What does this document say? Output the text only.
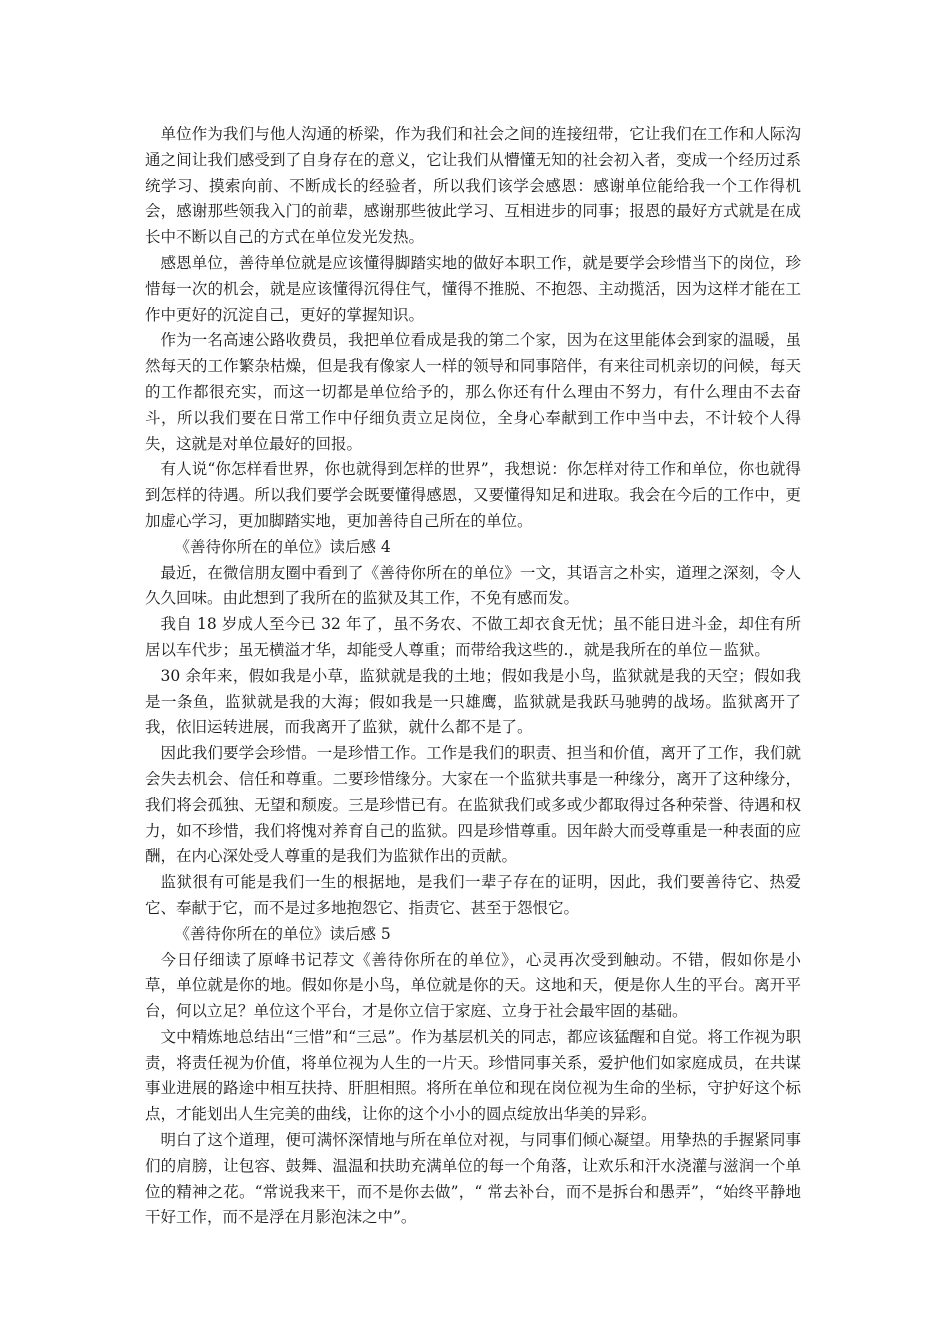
单位作为我们与他人沟通的桥梁，作为我们和社会之间的连接纽带，它让我们在工作和人际沟通之间让我们感受到了自身存在的意义，它让我们从懵懂无知的社会初入者，变成一个经历过系统学习、摸索向前、不断成长的经验者，所以我们该学会感恩：感谢单位能给我一个工作得机会，感谢那些领我入门的前辈，感谢那些彼此学习、互相进步的同事；报恩的最好方式就是在成长中不断以自己的方式在单位发光发热。

感恩单位，善待单位就是应该懂得脚踏实地的做好本职工作，就是要学会珍惜当下的岗位，珍惜每一次的机会，就是应该懂得沉得住气，懂得不推脱、不抱怨、主动揽活，因为这样才能在工作中更好的沉淀自己，更好的掌握知识。

作为一名高速公路收费员，我把单位看成是我的第二个家，因为在这里能体会到家的温暖，虽然每天的工作繁杂枯燥，但是我有像家人一样的领导和同事陪伴，有来往司机亲切的问候，每天的工作都很充实，而这一切都是单位给予的，那么你还有什么理由不努力，有什么理由不去奋斗，所以我们要在日常工作中仔细负责立足岗位，全身心奉献到工作中当中去，不计较个人得失，这就是对单位最好的回报。

有人说“你怎样看世界，你也就得到怎样的世界”，我想说：你怎样对待工作和单位，你也就得到怎样的待遇。所以我们要学会既要懂得感恩，又要懂得知足和进取。我会在今后的工作中，更加虚心学习，更加脚踏实地，更加善待自己所在的单位。

《善待你所在的单位》读后感 4

最近，在微信朋友圈中看到了《善待你所在的单位》一文，其语言之朴实，道理之深刻，令人久久回味。由此想到了我所在的监狱及其工作，不免有感而发。

我自 18 岁成人至今已 32 年了，虽不务农、不做工却衣食无忧；虽不能日进斗金，却住有所居以车代步；虽无横溢才华，却能受人尊重；而带给我这些的.，就是我所在的单位－监狱。

30 余年来，假如我是小草，监狱就是我的土地；假如我是小鸟，监狱就是我的天空；假如我是一条鱼，监狱就是我的大海；假如我是一只雄鹰，监狱就是我跃马驰骋的战场。监狱离开了我，依旧运转进展，而我离开了监狱，就什么都不是了。

因此我们要学会珍惜。一是珍惜工作。工作是我们的职责、担当和价值，离开了工作，我们就会失去机会、信任和尊重。二要珍惜缘分。大家在一个监狱共事是一种缘分，离开了这种缘分，我们将会孤独、无望和颓废。三是珍惜已有。在监狱我们或多或少都取得过各种荣誉、待遇和权力，如不珍惜，我们将愧对养育自己的监狱。四是珍惜尊重。因年龄大而受尊重是一种表面的应酬，在内心深处受人尊重的是我们为监狱作出的贡献。

监狱很有可能是我们一生的根据地，是我们一辈子存在的证明，因此，我们要善待它、热爱它、奉献于它，而不是过多地抱怨它、指责它、甚至于怨恨它。

《善待你所在的单位》读后感 5

今日仔细读了原峰书记荐文《善待你所在的单位》，心灵再次受到触动。不错，假如你是小草，单位就是你的地。假如你是小鸟，单位就是你的天。这地和天，便是你人生的平台。离开平台，何以立足？单位这个平台，才是你立信于家庭、立身于社会最牢固的基础。

文中精炼地总结出“三惜”和“三忌”。作为基层机关的同志，都应该猛醒和自觉。将工作视为职责，将责任视为价值，将单位视为人生的一片天。珍惜同事关系，爱护他们如家庭成员，在共谋事业进展的路途中相互扶持、肝胆相照。将所在单位和现在岗位视为生命的坐标，守护好这个标点，才能划出人生完美的曲线，让你的这个小小的圆点绽放出华美的异彩。

明白了这个道理，便可满怀深情地与所在单位对视，与同事们倾心凝望。用挚热的手握紧同事们的肩膀，让包容、鼓舞、温温和扶助充满单位的每一个角落，让欢乐和汗水浇灌与滋润一个单位的精神之花。“常说我来干，而不是你去做”，“ 常去补台，而不是拆台和愚弄”，“始终平静地干好工作，而不是浮在月影泡沫之中”。
